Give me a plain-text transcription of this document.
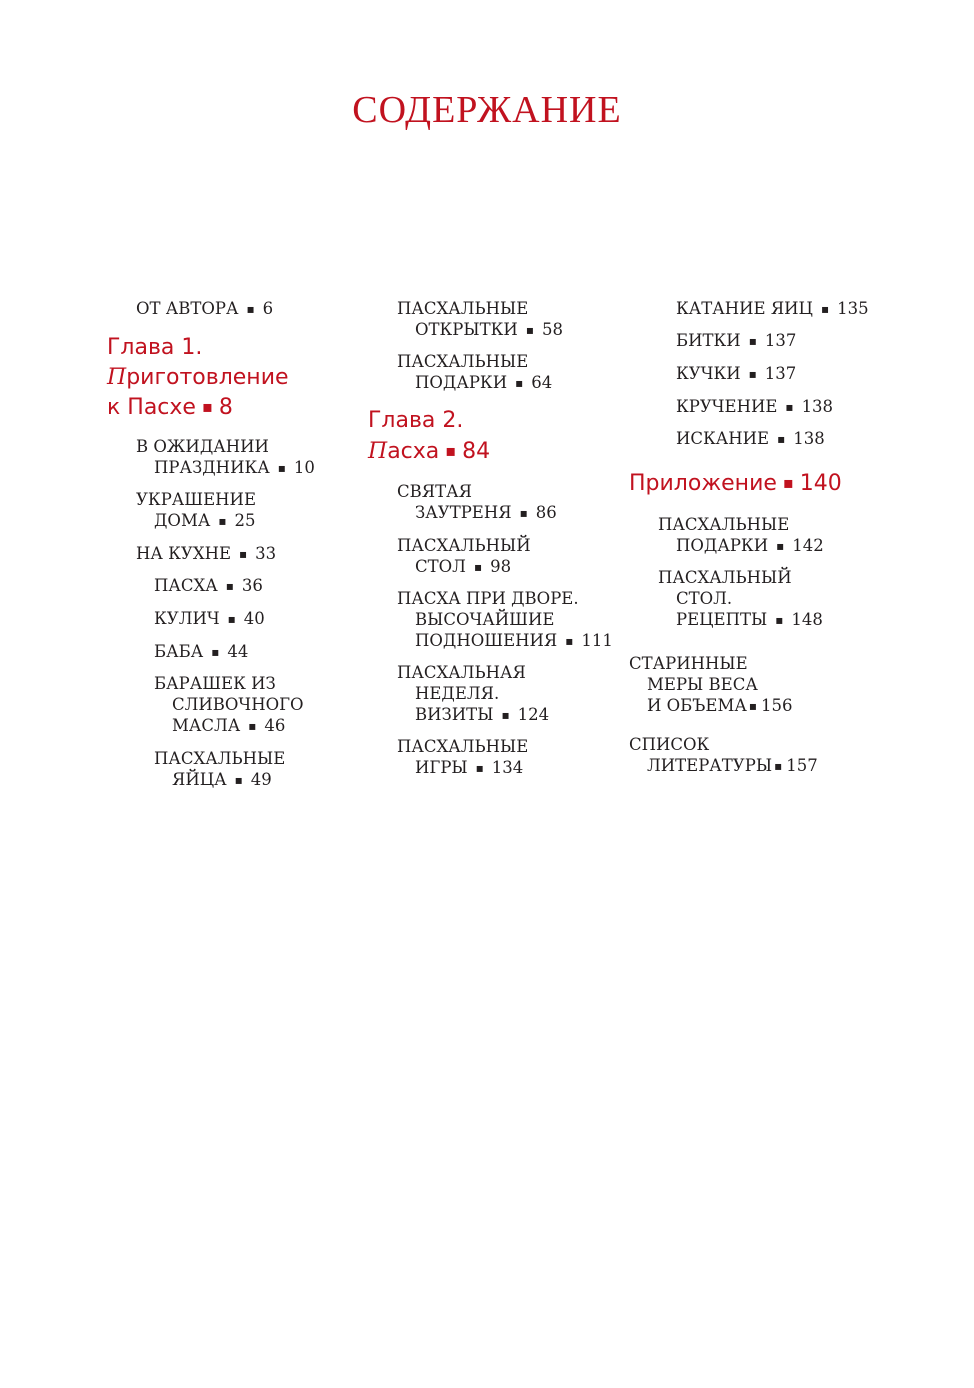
СОДЕРЖАНИЕ
ОТ АВТОРА ▪ 6
В ОЖИДАНИИ
ПРАЗДНИКА ▪ 10
УКРАШЕНИЕ
ДОМА ▪ 25
НА КУХНЕ ▪ 33
ПАСХА ▪ 36
КУЛИЧ ▪ 40
БАБА ▪ 44
БАРАШЕК ИЗ
СЛИВОЧНОГО
МАСЛА ▪ 46
ПАСХАЛЬНЫЕ
ЯЙЦА ▪ 49
ПАСХАЛЬНЫЕ
ОТКРЫТКИ ▪ 58
ПАСХАЛЬНЫЕ
ПОДАРКИ ▪ 64
СВЯТАЯ
ЗАУТРЕНЯ ▪ 86
ПАСХАЛЬНЫЙ
СТОЛ ▪ 98
ПАСХА ПРИ ДВОРЕ.
ВЫСОЧАЙШИЕ
ПОДНОШЕНИЯ ▪ 111
ПАСХАЛЬНАЯ
НЕДЕЛЯ.
ВИЗИТЫ ▪ 124
ПАСХАЛЬНЫЕ
ИГРЫ ▪ 134
КАТАНИЕ ЯИЦ ▪ 135
БИТКИ ▪ 137
КУЧКИ ▪ 137
КРУЧЕНИЕ ▪ 138
ИСКАНИЕ ▪ 138
ПАСХАЛЬНЫЕ
ПОДАРКИ ▪ 142
ПАСХАЛЬНЫЙ
СТОЛ.
РЕЦЕПТЫ ▪ 148
СТАРИННЫЕ
МЕРЫ ВЕСА
И ОБЪЕМА ▪ 156
СПИСОК
ЛИТЕРАТУРЫ ▪ 157
Глава 1.
Приготовление
к Пасхе ▪ 8
Глава 2.
Пасха ▪ 84
Приложение ▪ 140
